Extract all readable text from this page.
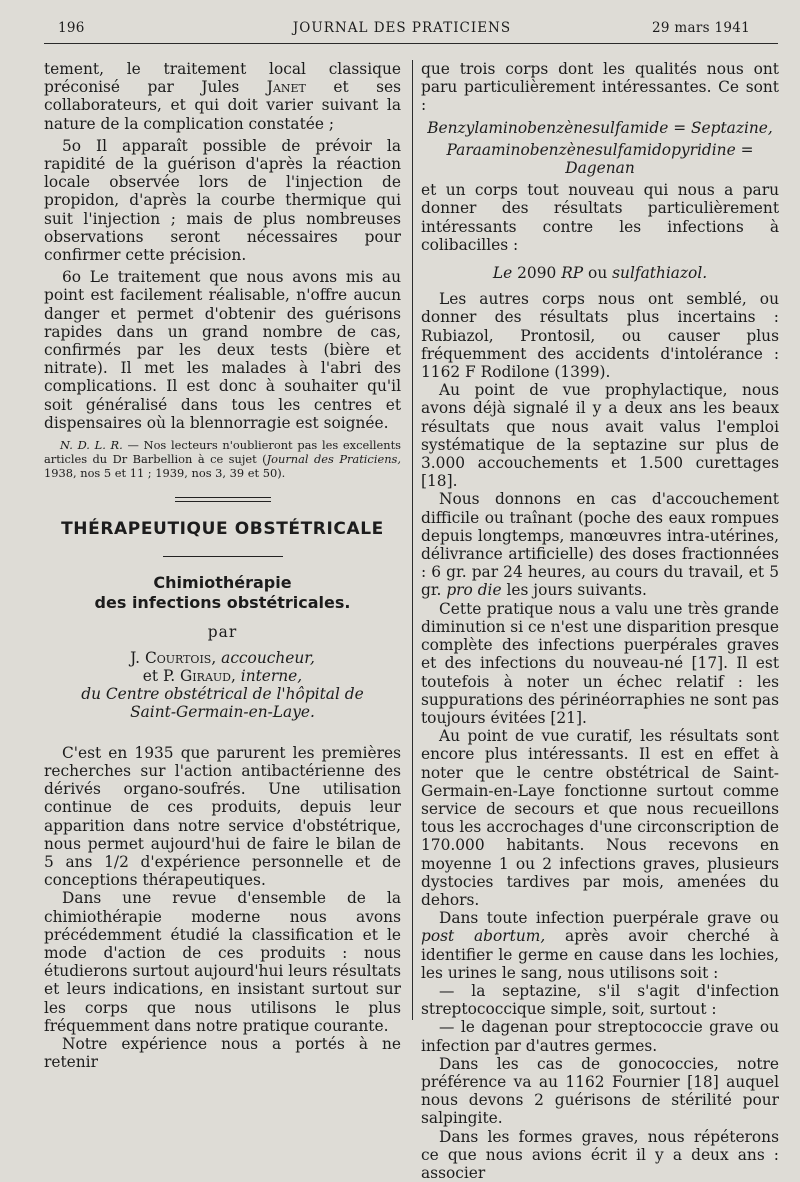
196	JOURNAL DES PRATICIENS	29 mars 1941

tement, le traitement local classique préconisé par Jules Janet et ses collaborateurs, et qui doit varier suivant la nature de la complication constatée ;

5o Il apparaît possible de prévoir la rapidité de la guérison d'après la réaction locale observée lors de l'injection de propidon, d'après la courbe thermique qui suit l'injection ; mais de plus nombreuses observations seront nécessaires pour confirmer cette précision.

6o Le traitement que nous avons mis au point est facilement réalisable, n'offre aucun danger et permet d'obtenir des guérisons rapides dans un grand nombre de cas, confirmés par les deux tests (bière et nitrate). Il met les malades à l'abri des complications. Il est donc à souhaiter qu'il soit généralisé dans tous les centres et dispensaires où la blennorragie est soignée.

N. D. L. R. — Nos lecteurs n'oublieront pas les excellents articles du Dr Barbellion à ce sujet (Journal des Praticiens, 1938, nos 5 et 11 ; 1939, nos 3, 39 et 50).

THÉRAPEUTIQUE OBSTÉTRICALE
Chimiothérapie
des infections obstétricales.

par

J. Courtois, accoucheur,

et P. Giraud, interne,

du Centre obstétrical de l'hôpital de

Saint-Germain-en-Laye.

C'est en 1935 que parurent les premières recherches sur l'action antibactérienne des dérivés organo-soufrés. Une utilisation continue de ces produits, depuis leur apparition dans notre service d'obstétrique, nous permet aujourd'hui de faire le bilan de 5 ans 1/2 d'expérience personnelle et de conceptions thérapeutiques.

Dans une revue d'ensemble de la chimiothérapie moderne nous avons précédemment étudié la classification et le mode d'action de ces produits : nous étudierons surtout aujourd'hui leurs résultats et leurs indications, en insistant surtout sur les corps que nous utilisons le plus fréquemment dans notre pratique courante.

Notre expérience nous a portés à ne retenir

que trois corps dont les qualités nous ont paru particulièrement intéressantes. Ce sont :

Benzylaminobenzènesulfamide = Septazine,

Paraaminobenzènesulfamidopyridine = Dagenan

et un corps tout nouveau qui nous a paru donner des résultats particulièrement intéressants contre les infections à colibacilles :

Le 2090 RP ou sulfathiazol.

Les autres corps nous ont semblé, ou donner des résultats plus incertains : Rubiazol, Prontosil, ou causer plus fréquemment des accidents d'intolérance : 1162 F Rodilone (1399).

Au point de vue prophylactique, nous avons déjà signalé il y a deux ans les beaux résultats que nous avait valus l'emploi systématique de la septazine sur plus de 3.000 accouchements et 1.500 curettages [18].

Nous donnons en cas d'accouchement difficile ou traînant (poche des eaux rompues depuis longtemps, manœuvres intra-utérines, délivrance artificielle) des doses fractionnées : 6 gr. par 24 heures, au cours du travail, et 5 gr. pro die les jours suivants.

Cette pratique nous a valu une très grande diminution si ce n'est une disparition presque complète des infections puerpérales graves et des infections du nouveau-né [17]. Il est toutefois à noter un échec relatif : les suppurations des périnéorraphies ne sont pas toujours évitées [21].

Au point de vue curatif, les résultats sont encore plus intéressants. Il est en effet à noter que le centre obstétrical de Saint-Germain-en-Laye fonctionne surtout comme service de secours et que nous recueillons tous les accrochages d'une circonscription de 170.000 habitants. Nous recevons en moyenne 1 ou 2 infections graves, plusieurs dystocies tardives par mois, amenées du dehors.

Dans toute infection puerpérale grave ou post abortum, après avoir cherché à identifier le germe en cause dans les lochies, les urines le sang, nous utilisons soit :

— la septazine, s'il s'agit d'infection streptococcique simple, soit, surtout :

— le dagenan pour streptococcie grave ou infection par d'autres germes.

Dans les cas de gonococcies, notre préférence va au 1162 Fournier [18] auquel nous devons 2 guérisons de stérilité pour salpingite.

Dans les formes graves, nous répéterons ce que nous avions écrit il y a deux ans : associer
